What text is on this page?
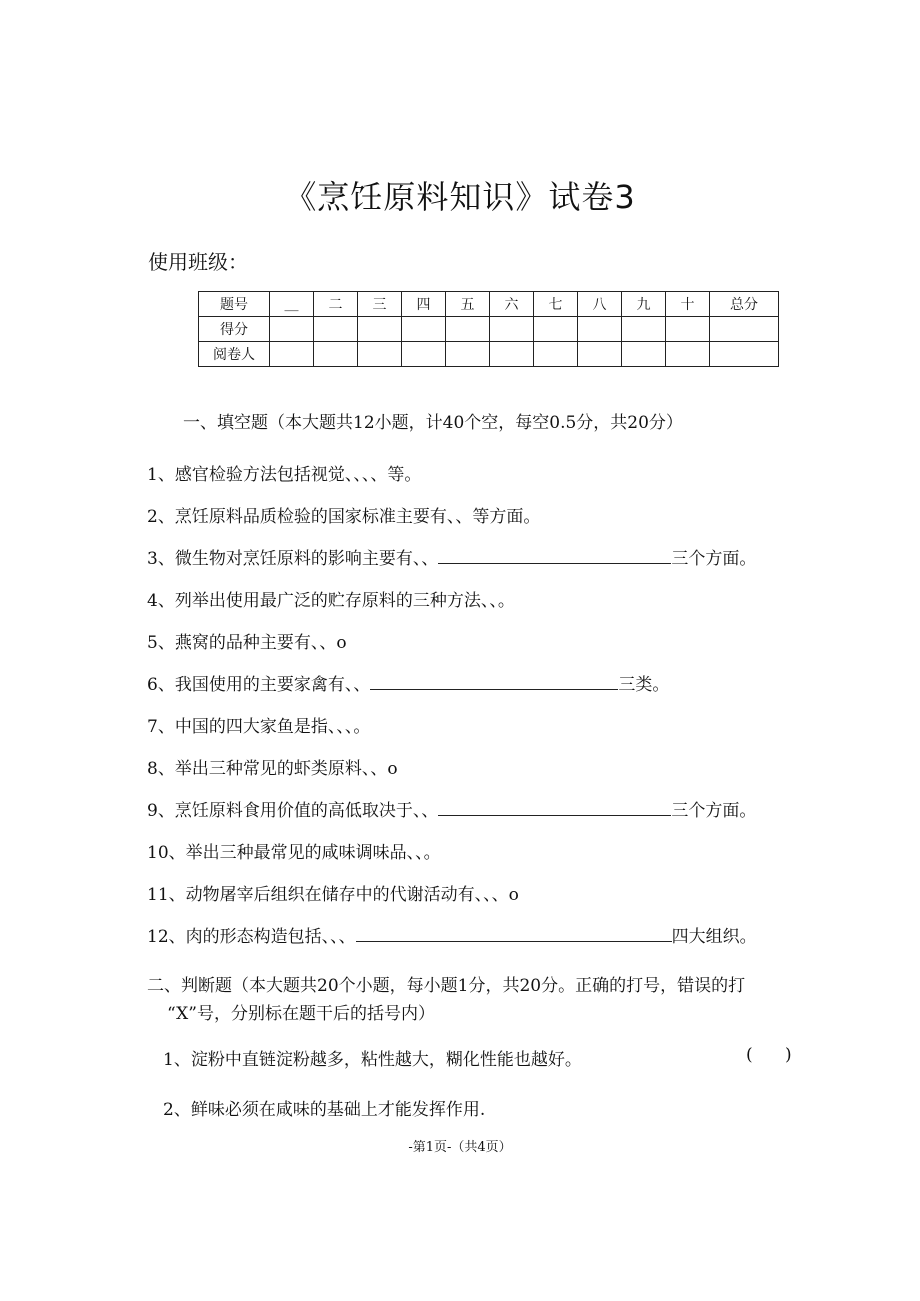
《烹饪原料知识》试卷3
使用班级：
题号	__	二	三	四	五	六	七	八	九	十	总分
得分											
阅卷人											
一、填空题（本大题共12小题，计40个空，每空0.5分，共20分）
1、感官检验方法包括视觉、、、、等。
2、烹饪原料品质检验的国家标准主要有、、等方面。
3、微生物对烹饪原料的影响主要有、、	三个方面。
4、列举出使用最广泛的贮存原料的三种方法、、。
5、燕窝的品种主要有、、o
6、我国使用的主要家禽有、、	三类。
7、中国的四大家鱼是指、、、。
8、举出三种常见的虾类原料、、o
9、烹饪原料食用价值的高低取决于、、	三个方面。
10、举出三种最常见的咸味调味品、、。
11、动物屠宰后组织在储存中的代谢活动有、、、o
12、肉的形态构造包括、、、	四大组织。
二、判断题（本大题共20个小题，每小题1分，共20分。正确的打号，错误的打
“X”号，分别标在题干后的括号内）
1、淀粉中直链淀粉越多，粘性越大，糊化性能也越好。	(      )
2、鲜味必须在咸味的基础上才能发挥作用.
-第1页-（共4页）
